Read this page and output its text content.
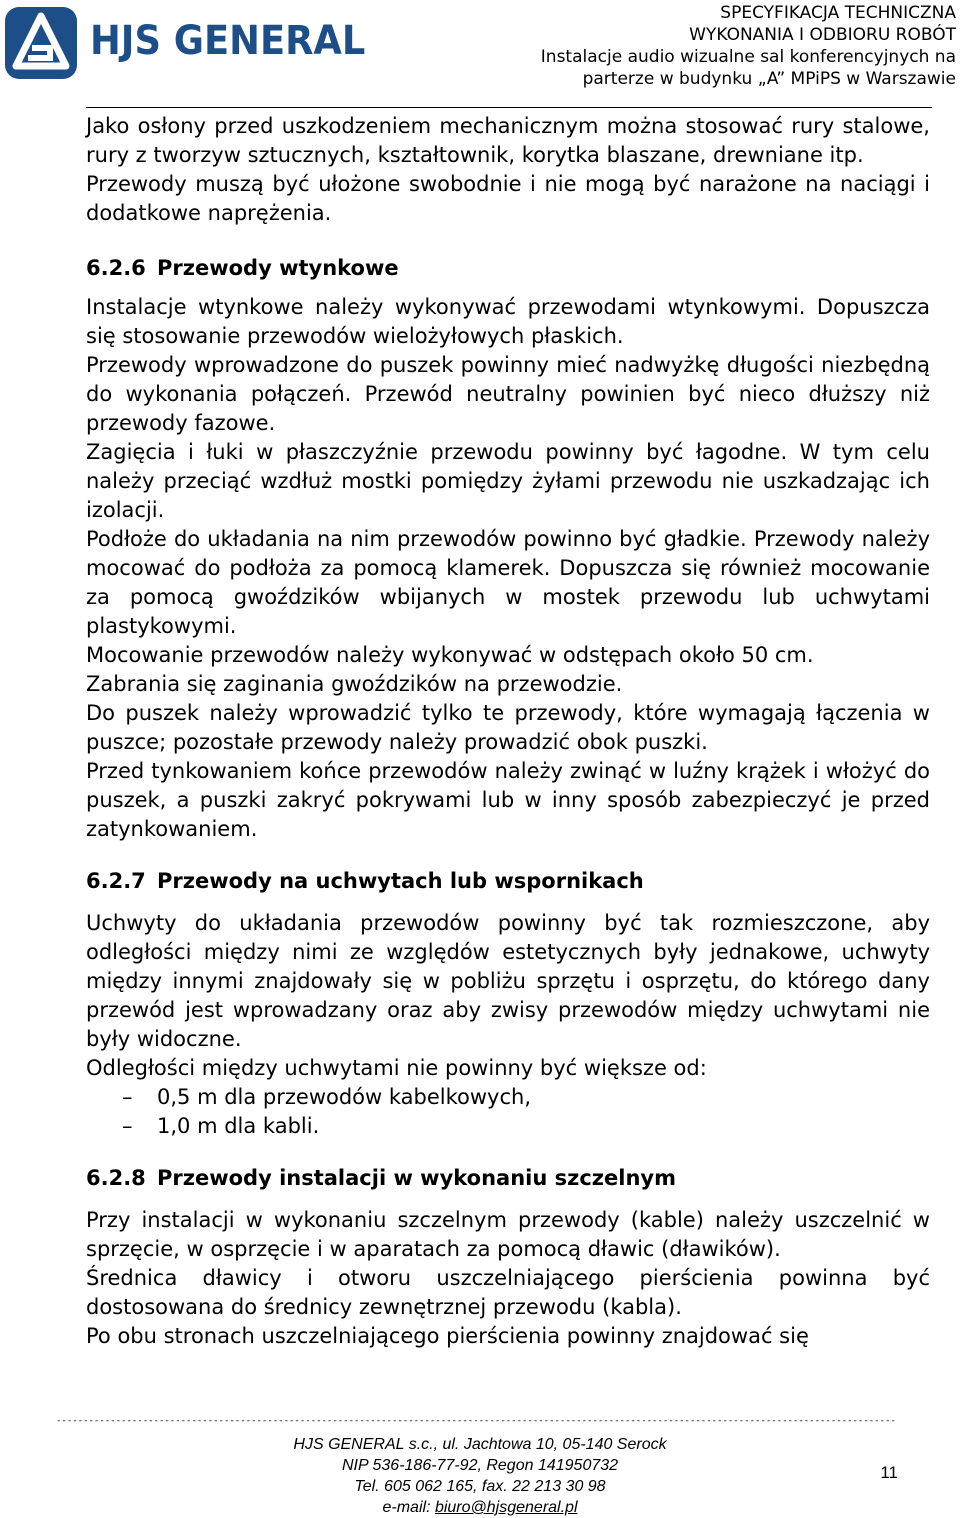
HJS GENERAL
SPECYFIKACJA TECHNICZNA
WYKONANIA I ODBIORU ROBÓT
Instalacje audio wizualne sal konferencyjnych na
parterze w budynku „A” MPiPS w Warszawie

Jako osłony przed uszkodzeniem mechanicznym można stosować rury stalowe, rury z tworzyw sztucznych, kształtownik, korytka blaszane, drewniane itp.

Przewody muszą być ułożone swobodnie i nie mogą być narażone na naciągi i dodatkowe naprężenia.

6.2.6 Przewody wtynkowe

Instalacje wtynkowe należy wykonywać przewodami wtynkowymi. Dopuszcza się stosowanie przewodów wielożyłowych płaskich.

Przewody wprowadzone do puszek powinny mieć nadwyżkę długości niezbędną do wykonania połączeń. Przewód neutralny powinien być nieco dłuższy niż przewody fazowe.

Zagięcia i łuki w płaszczyźnie przewodu powinny być łagodne. W tym celu należy przeciąć wzdłuż mostki pomiędzy żyłami przewodu nie uszkadzając ich izolacji.

Podłoże do układania na nim przewodów powinno być gładkie. Przewody należy mocować do podłoża za pomocą klamerek. Dopuszcza się również mocowanie za pomocą gwoździków wbijanych w mostek przewodu lub uchwytami plastykowymi.

Mocowanie przewodów należy wykonywać w odstępach około 50 cm.

Zabrania się zaginania gwoździków na przewodzie.

Do puszek należy wprowadzić tylko te przewody, które wymagają łączenia w puszce; pozostałe przewody należy prowadzić obok puszki.

Przed tynkowaniem końce przewodów należy zwinąć w luźny krążek i włożyć do puszek, a puszki zakryć pokrywami lub w inny sposób zabezpieczyć je przed zatynkowaniem.

6.2.7 Przewody na uchwytach lub wspornikach

Uchwyty do układania przewodów powinny być tak rozmieszczone, aby odległości między nimi ze względów estetycznych były jednakowe, uchwyty między innymi znajdowały się w pobliżu sprzętu i osprzętu, do którego dany przewód jest wprowadzany oraz aby zwisy przewodów między uchwytami nie były widoczne.

Odległości między uchwytami nie powinny być większe od:

–	0,5 m dla przewodów kabelkowych,
–	1,0 m dla kabli.
6.2.8 Przewody instalacji w wykonaniu szczelnym

Przy instalacji w wykonaniu szczelnym przewody (kable) należy uszczelnić w sprzęcie, w osprzęcie i w aparatach za pomocą dławic (dławików).

Średnica dławicy i otworu uszczelniającego pierścienia powinna być dostosowana do średnicy zewnętrznej przewodu (kabla).

Po obu stronach uszczelniającego pierścienia powinny znajdować się

-----------------------------------------------------------------------------------------------------------------------------------------------------------
HJS GENERAL s.c., ul. Jachtowa 10, 05-140 Serock
NIP 536-186-77-92, Regon 141950732
Tel. 605 062 165, fax. 22 213 30 98
e-mail: biuro@hjsgeneral.pl
11
